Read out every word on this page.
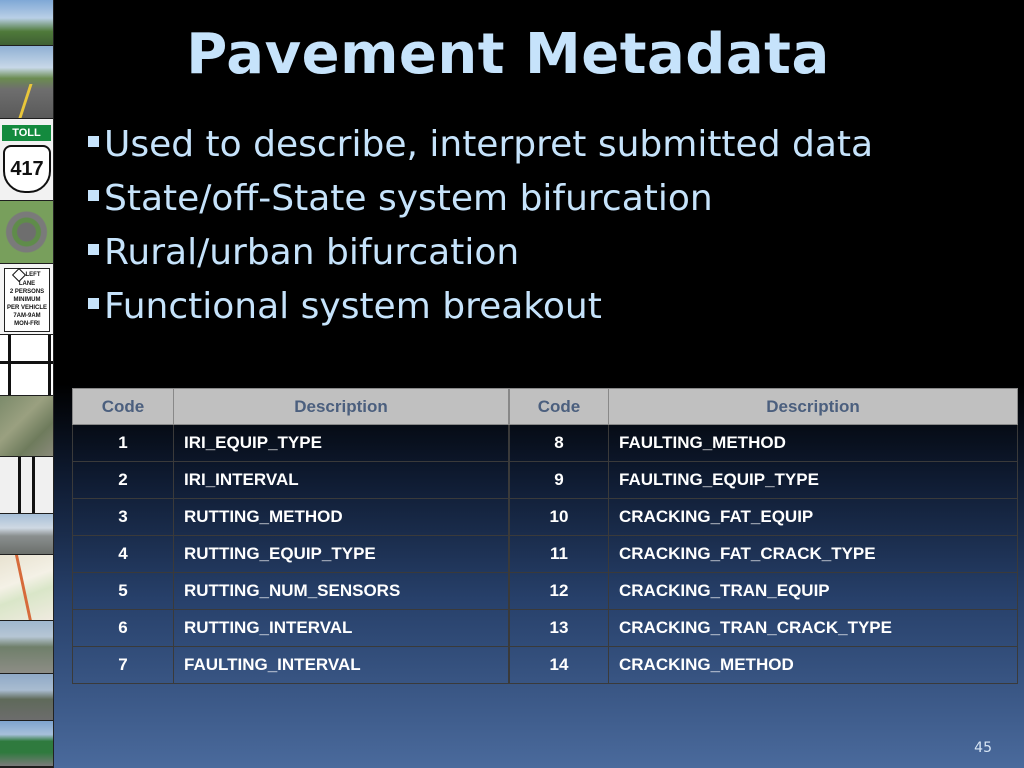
TOLL
417
LEFT
LANE
2 PERSONS
MINIMUM
PER VEHICLE
7AM-9AM
MON-FRI
Pavement Metadata
Used to describe, interpret submitted data
State/off-State system bifurcation
Rural/urban bifurcation
Functional system breakout
Code	Description
1	IRI_EQUIP_TYPE
2	IRI_INTERVAL
3	RUTTING_METHOD
4	RUTTING_EQUIP_TYPE
5	RUTTING_NUM_SENSORS
6	RUTTING_INTERVAL
7	FAULTING_INTERVAL
Code	Description
8	FAULTING_METHOD
9	FAULTING_EQUIP_TYPE
10	CRACKING_FAT_EQUIP
11	CRACKING_FAT_CRACK_TYPE
12	CRACKING_TRAN_EQUIP
13	CRACKING_TRAN_CRACK_TYPE
14	CRACKING_METHOD
45
